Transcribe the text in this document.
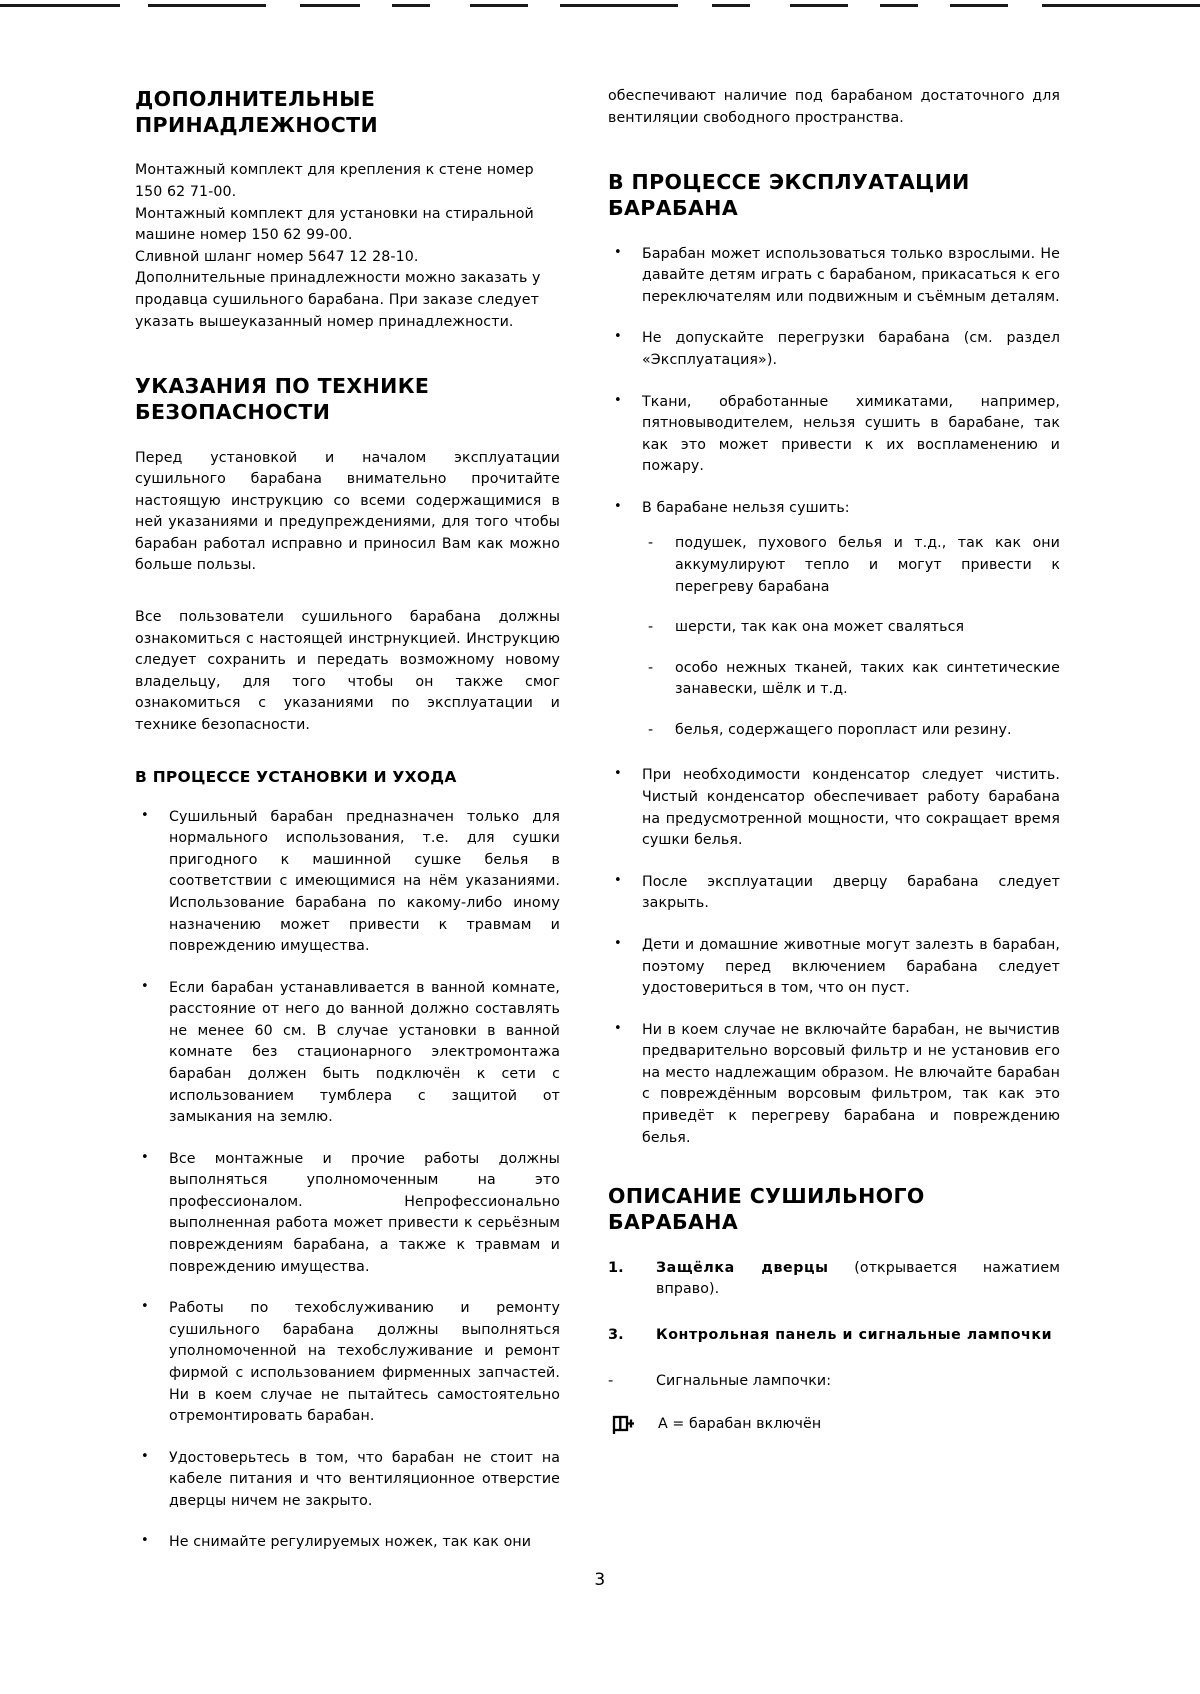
ДОПОЛНИТЕЛЬНЫЕ ПРИНАДЛЕЖНОСТИ

Монтажный комплект для крепления к стене номер 150 62 71-00.

Монтажный комплект для установки на стиральной машине номер 150 62 99-00.

Сливной шланг номер 5647 12 28-10.

Дополнительные принадлежности можно заказать у продавца сушильного барабана. При заказе следует указать вышеуказанный номер принадлежности.

УКАЗАНИЯ ПО ТЕХНИКЕ БЕЗОПАСНОСТИ

Перед установкой и началом эксплуатации сушильного барабана внимательно прочитайте настоящую инструкцию со всеми содержащимися в ней указаниями и предупреждениями, для того чтобы барабан работал исправно и приносил Вам как можно больше пользы.

Все пользователи сушильного барабана должны ознакомиться с настоящей инстрнукцией. Инструкцию следует сохранить и передать возможному новому владельцу, для того чтобы он также смог ознакомиться с указаниями по эксплуатации и технике безопасности.

В ПРОЦЕССЕ УСТАНОВКИ И УХОДА
• Сушильный барабан предназначен только для нормального использования, т.е. для сушки пригодного к машинной сушке белья в соответствии с имеющимися на нём указаниями. Использование барабана по какому-либо иному назначению может привести к травмам и повреждению имущества.
• Если барабан устанавливается в ванной комнате, расстояние от него до ванной должно составлять не менее 60 см. В случае установки в ванной комнате без стационарного электромонтажа барабан должен быть подключён к сети с использованием тумблера с защитой от замыкания на землю.
• Все монтажные и прочие работы должны выполняться уполномоченным на это профессионалом. Непрофессионально выполненная работа может привести к серьёзным повреждениям барабана, а также к травмам и повреждению имущества.
• Работы по техобслуживанию и ремонту сушильного барабана должны выполняться уполномоченной на техобслуживание и ремонт фирмой с использованием фирменных запчастей. Ни в коем случае не пытайтесь самостоятельно отремонтировать барабан.
• Удостоверьтесь в том, что барабан не стоит на кабеле питания и что вентиляционное отверстие дверцы ничем не закрыто.
• Не снимайте регулируемых ножек, так как они

обеспечивают наличие под барабаном достаточного для вентиляции свободного пространства.

В ПРОЦЕССЕ ЭКСПЛУАТАЦИИ БАРАБАНА
• Барабан может использоваться только взрослыми. Не давайте детям играть с барабаном, прикасаться к его переключателям или подвижным и съёмным деталям.
• Не допускайте перегрузки барабана (см. раздел «Эксплуатация»).
• Ткани, обработанные химикатами, например, пятновыводителем, нельзя сушить в барабане, так как это может привести к их воспламенению и пожару.
• В барабане нельзя сушить:
- подушек, пухового белья и т.д., так как они аккумулируют тепло и могут привести к перегреву барабана
- шерсти, так как она может сваляться
- особо нежных тканей, таких как синтетические занавески, шёлк и т.д.
- белья, содержащего поропласт или резину.
• При необходимости конденсатор следует чистить. Чистый конденсатор обеспечивает работу барабана на предусмотренной мощности, что сокращает время сушки белья.
• После эксплуатации дверцу барабана следует закрыть.
• Дети и домашние животные могут залезть в барабан, поэтому перед включением барабана следует удостовериться в том, что он пуст.
• Ни в коем случае не включайте барабан, не вычистив предварительно ворсовый фильтр и не установив его на место надлежащим образом. Не влючайте барабан с повреждённым ворсовым фильтром, так как это приведёт к перегреву барабана и повреждению белья.
ОПИСАНИЕ СУШИЛЬНОГО БАРАБАНА
1.	Защёлка дверцы (открывается нажатием вправо).
3.	Контрольная панель и сигнальные лампочки
-	Сигнальные лампочки:
А = барабан включён
3
